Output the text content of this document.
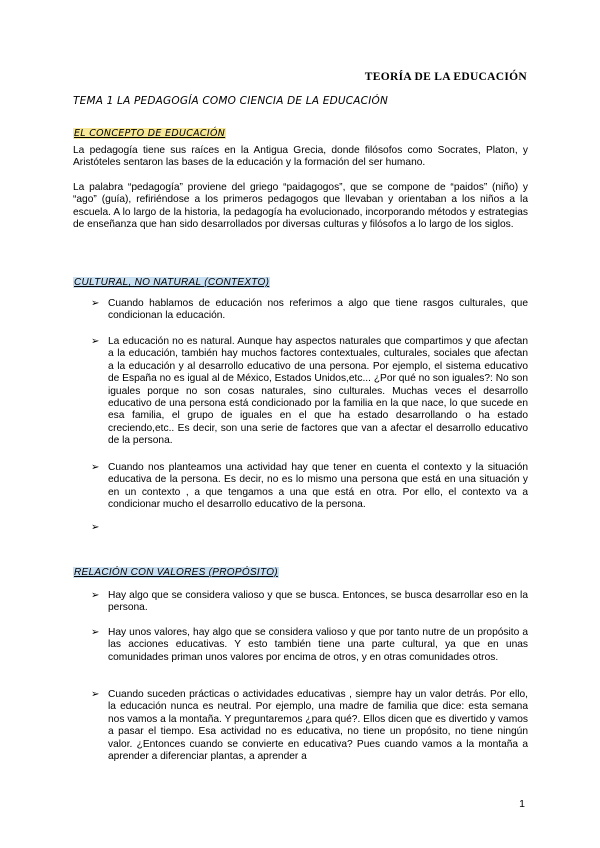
TEORÍA DE LA EDUCACIÓN
TEMA 1 LA PEDAGOGÍA COMO CIENCIA DE LA EDUCACIÓN
EL CONCEPTO DE EDUCACIÓN

La pedagogía tiene sus raíces en la Antigua Grecia, donde filósofos como Socrates, Platon, y Aristóteles sentaron las bases de la educación y la formación del ser humano.

La palabra “pedagogía” proviene del griego “paidagogos”, que se compone de “paidos” (niño) y “ago” (guía), refiriéndose a los primeros pedagogos que llevaban y orientaban a los niños a la escuela. A lo largo de la historia, la pedagogía ha evolucionado, incorporando métodos y estrategias de enseñanza que han sido desarrollados por diversas culturas y filósofos a lo largo de los siglos.

CULTURAL, NO NATURAL (CONTEXTO)
➢ Cuando hablamos de educación nos referimos a algo que tiene rasgos culturales, que condicionan la educación.
➢ La educación no es natural. Aunque hay aspectos naturales que compartimos y que afectan a la educación, también hay muchos factores contextuales, culturales, sociales que afectan a la educación y al desarrollo educativo de una persona. Por ejemplo, el sistema educativo de España no es igual al de México, Estados Unidos,etc... ¿Por qué no son iguales?: No son iguales porque no son cosas naturales, sino culturales. Muchas veces el desarrollo educativo de una persona está condicionado por la familia en la que nace, lo que sucede en esa familia, el grupo de iguales en el que ha estado desarrollando o ha estado creciendo,etc.. Es decir, son una serie de factores que van a afectar el desarrollo educativo de la persona.
➢ Cuando nos planteamos una actividad hay que tener en cuenta el contexto y la situación educativa de la persona. Es decir, no es lo mismo una persona que está en una situación y en un contexto , a que tengamos a una que está en otra. Por ello, el contexto va a condicionar mucho el desarrollo educativo de la persona.
➢
RELACIÓN CON VALORES (PROPÓSITO)
➢ Hay algo que se considera valioso y que se busca. Entonces, se busca desarrollar eso en la persona.
➢ Hay unos valores, hay algo que se considera valioso y que por tanto nutre de un propósito a las acciones educativas. Y esto también tiene una parte cultural, ya que en unas comunidades priman unos valores por encima de otros, y en otras comunidades otros.
➢ Cuando suceden prácticas o actividades educativas , siempre hay un valor detrás. Por ello, la educación nunca es neutral. Por ejemplo, una madre de familia que dice: esta semana nos vamos a la montaña. Y preguntaremos ¿para qué?. Ellos dicen que es divertido y vamos a pasar el tiempo. Esa actividad no es educativa, no tiene un propósito, no tiene ningún valor. ¿Entonces cuando se convierte en educativa? Pues cuando vamos a la montaña a aprender a diferenciar plantas, a aprender a
1
